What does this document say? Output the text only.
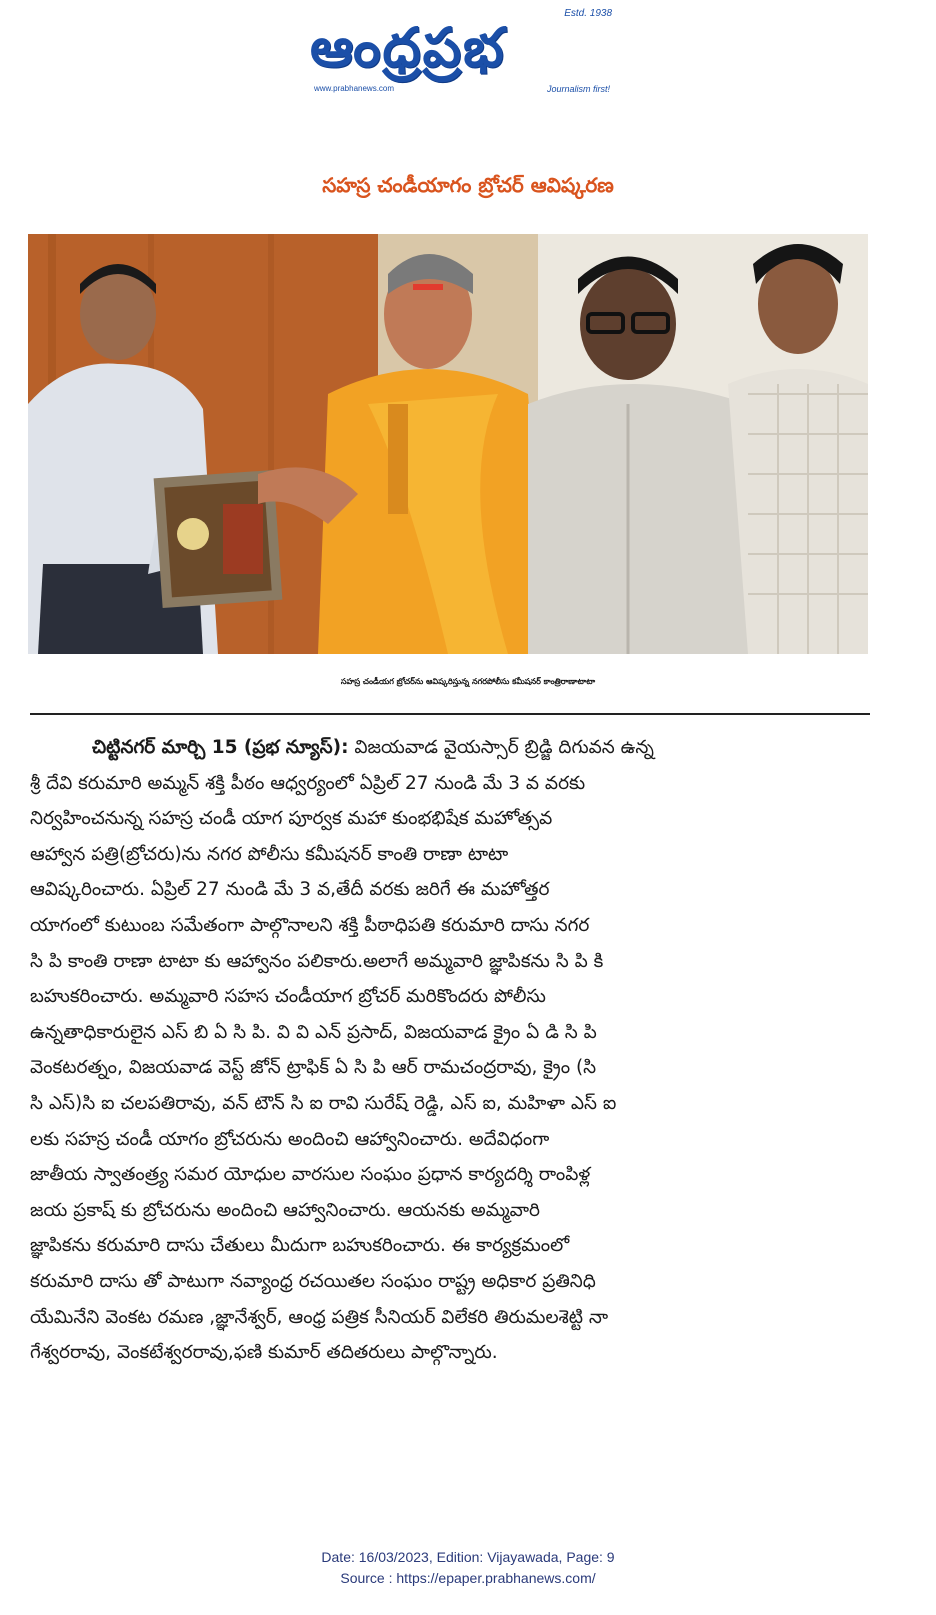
Estd. 1938
ఆంధ్రప్రభ
www.prabhanews.com	Journalism first!
సహస్ర చండీయాగం బ్రోచర్ ఆవిష్కరణ
సహస్ర చండీయగ బ్రోచర్‌ను ఆవిష్కరిస్తున్న నగరపోలీసు కమీషనర్ కాంత్రిరాణాటాటా
చిట్టినగర్ మార్చి 15 (ప్రభ న్యూస్): విజయవాడ వైయస్సార్ బ్రిడ్జి దిగువన ఉన్న
శ్రీ దేవి కరుమారి అమ్మన్ శక్తి పీఠం ఆధ్వర్యంలో ఏప్రిల్ 27 నుండి మే 3 వ వరకు
నిర్వహించనున్న సహస్ర చండీ యాగ పూర్వక మహా కుంభభిషేక మహోత్సవ
ఆహ్వాన పత్రి(బ్రోచరు)ను నగర పోలీసు కమీషనర్ కాంతి రాణా టాటా
ఆవిష్కరించారు. ఏప్రిల్ 27 నుండి మే 3 వ,తేదీ వరకు జరిగే ఈ మహోత్తర
యాగంలో కుటుంబ సమేతంగా పాల్గొనాలని శక్తి పీఠాధిపతి కరుమారి దాసు నగర
సి పి కాంతి రాణా టాటా కు ఆహ్వానం పలికారు.అలాగే అమ్మవారి జ్ఞాపికను సి పి కి
బహుకరించారు. అమ్మవారి సహస చండీయాగ బ్రోచర్ మరికొందరు పోలీసు
ఉన్నతాధికారులైన ఎస్ బి ఏ సి పి. వి వి ఎన్ ప్రసాద్, విజయవాడ క్రైం ఏ డి సి పి
వెంకటరత్నం, విజయవాడ వెస్ట్ జోన్ ట్రాఫిక్ ఏ సి పి ఆర్ రామచంద్రరావు, క్రైం (సి
సి ఎస్)సి ఐ చలపతిరావు, వన్ టౌన్ సి ఐ రావి సురేష్ రెడ్డి, ఎస్ ఐ, మహిళా ఎస్ ఐ
లకు సహస్ర చండీ యాగం బ్రోచరును అందించి ఆహ్వానించారు. అదేవిధంగా
జాతీయ స్వాతంత్ర్య సమర యోధుల వారసుల సంఘం ప్రధాన కార్యదర్శి రాంపిళ్ల
జయ ప్రకాష్ కు బ్రోచరును అందించి ఆహ్వానించారు. ఆయనకు అమ్మవారి
జ్ఞాపికను కరుమారి దాసు చేతులు మీదుగా బహుకరించారు. ఈ కార్యక్రమంలో
కరుమారి దాసు తో పాటుగా నవ్యాంధ్ర రచయితల సంఘం రాష్ట్ర అధికార ప్రతినిధి
యేమినేని వెంకట రమణ ,జ్ఞానేశ్వర్, ఆంధ్ర పత్రిక సీనియర్ విలేకరి తిరుమలశెట్టి నా
గేశ్వరరావు, వెంకటేశ్వరరావు,ఫణి కుమార్ తదితరులు పాల్గొన్నారు.
Date: 16/03/2023, Edition: Vijayawada, Page: 9
Source : https://epaper.prabhanews.com/
